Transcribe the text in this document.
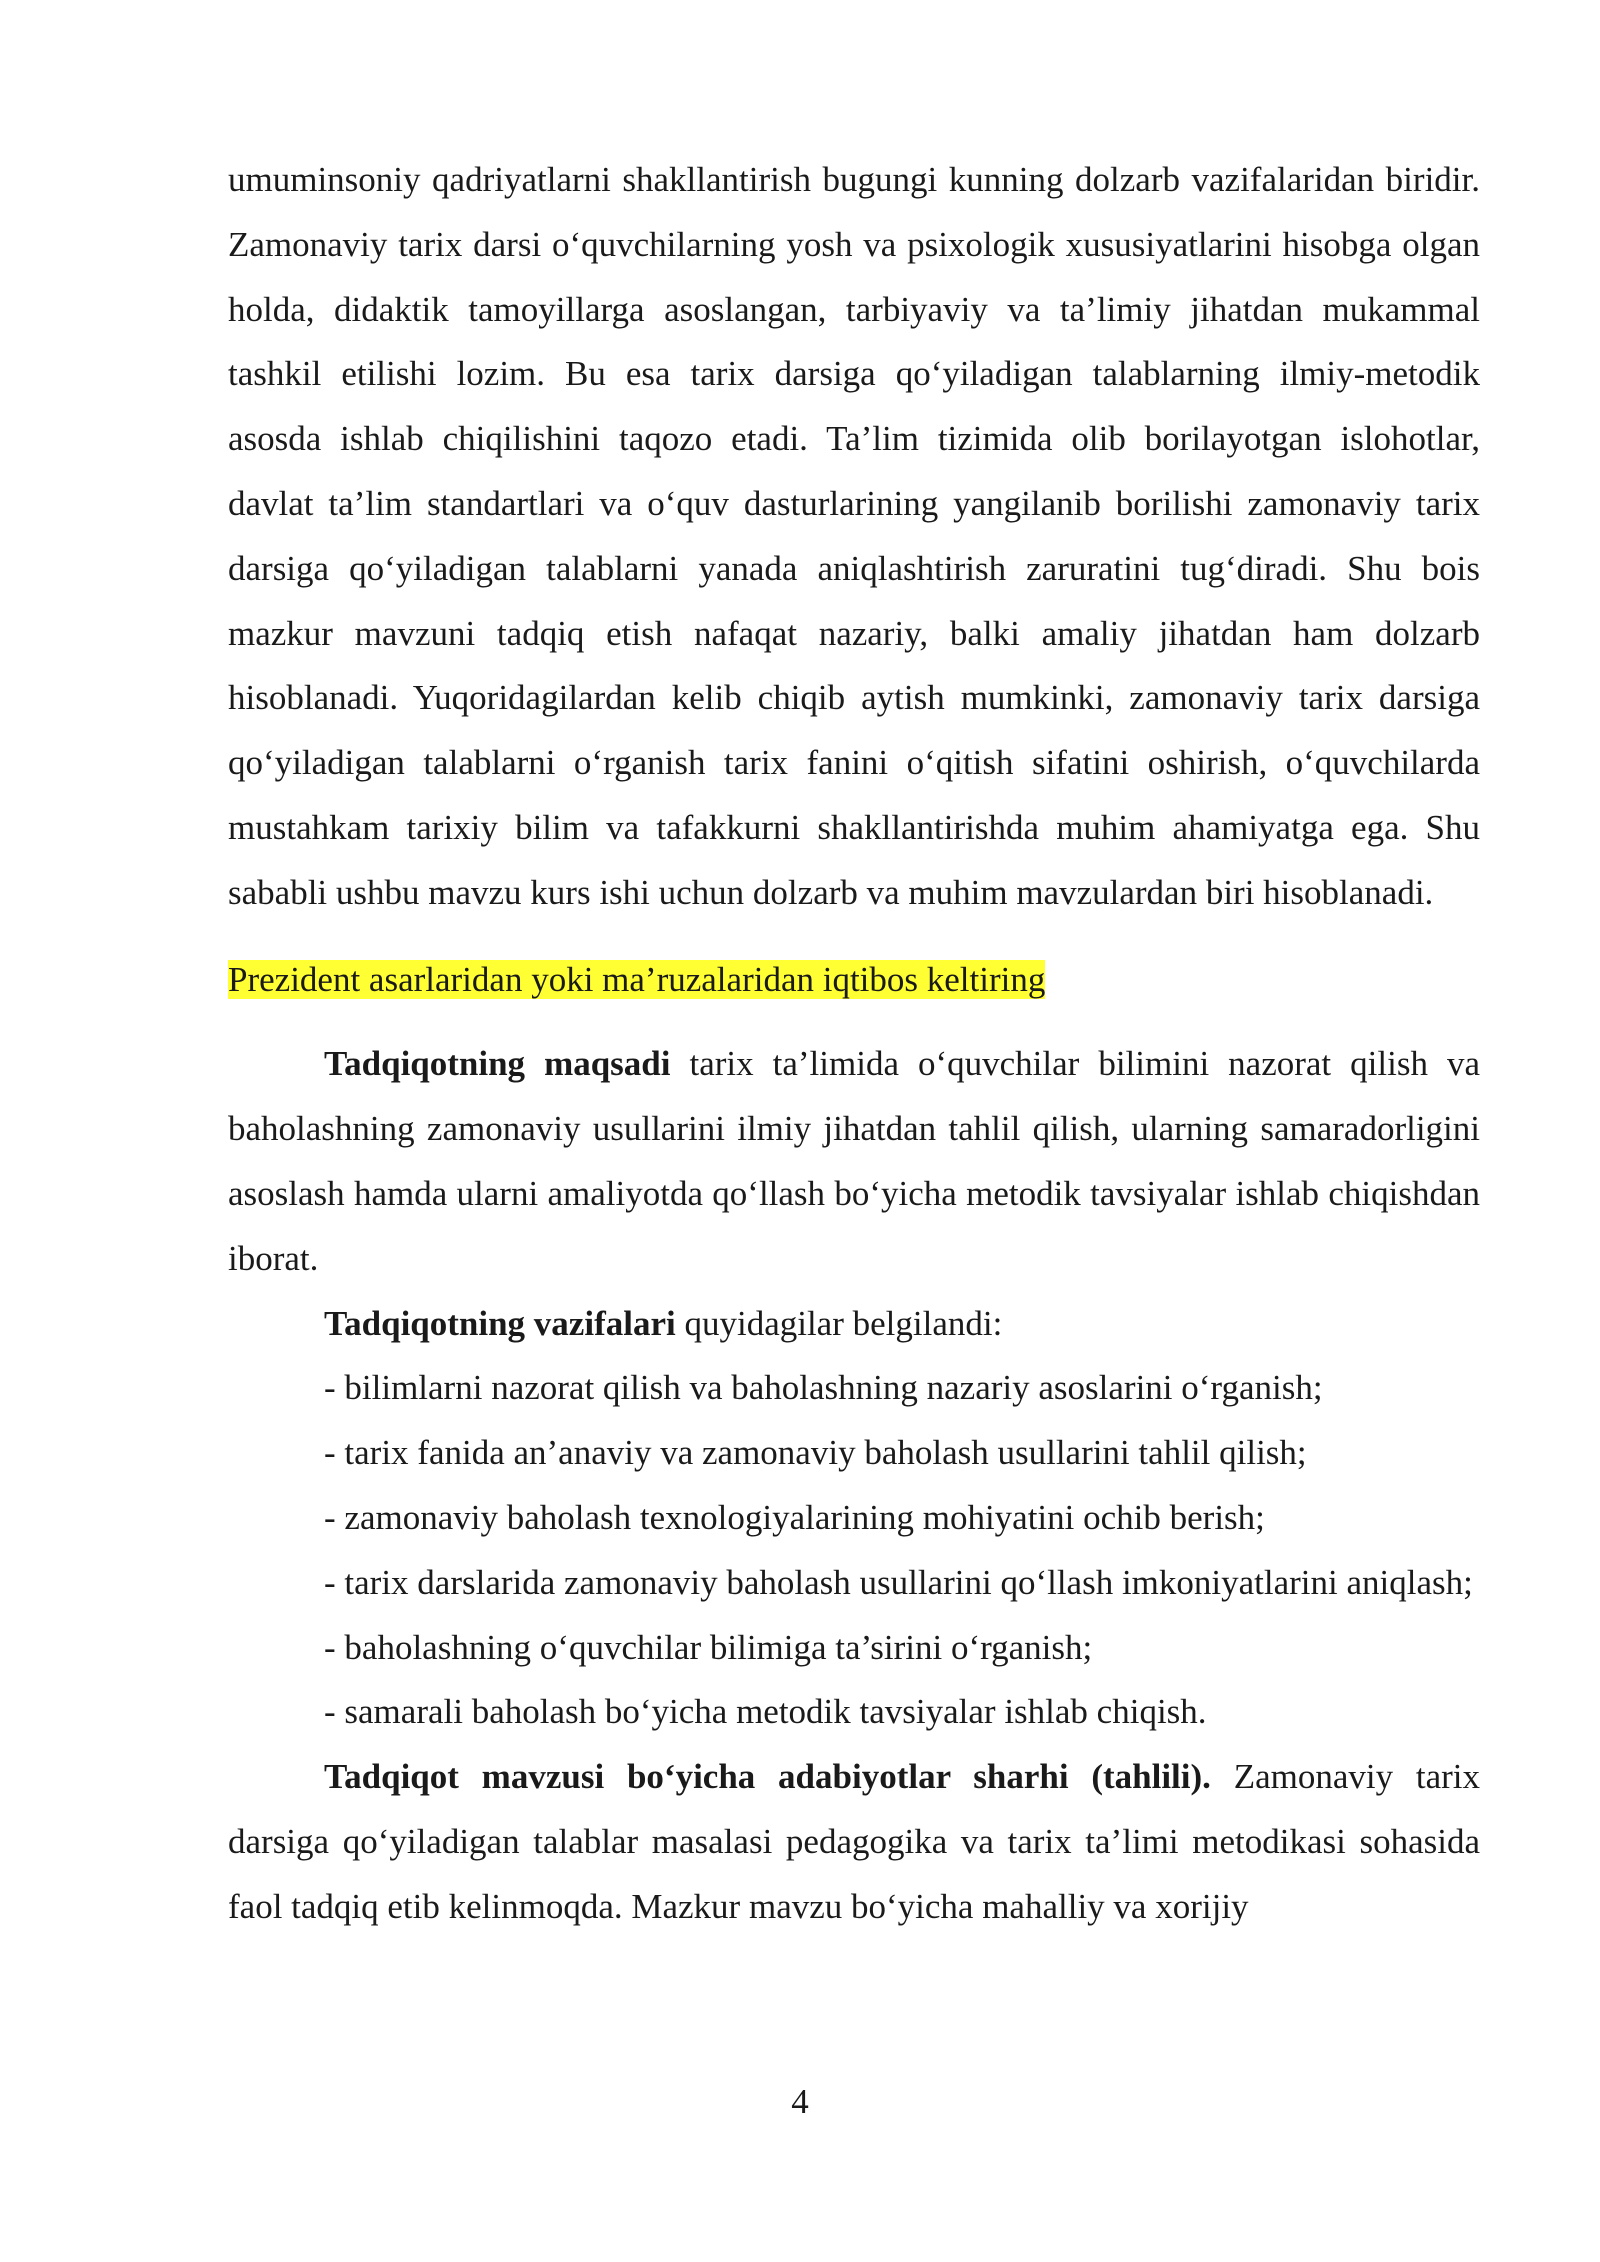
umuminsoniy qadriyatlarni shakllantirish bugungi kunning dolzarb vazifalaridan biridir. Zamonaviy tarix darsi o‘quvchilarning yosh va psixologik xususiyatlarini hisobga olgan holda, didaktik tamoyillarga asoslangan, tarbiyaviy va ta’limiy jihatdan mukammal tashkil etilishi lozim. Bu esa tarix darsiga qo‘yiladigan talablarning ilmiy-metodik asosda ishlab chiqilishini taqozo etadi. Ta’lim tizimida olib borilayotgan islohotlar, davlat ta’lim standartlari va o‘quv dasturlarining yangilanib borilishi zamonaviy tarix darsiga qo‘yiladigan talablarni yanada aniqlashtirish zaruratini tug‘diradi. Shu bois mazkur mavzuni tadqiq etish nafaqat nazariy, balki amaliy jihatdan ham dolzarb hisoblanadi. Yuqoridagilardan kelib chiqib aytish mumkinki, zamonaviy tarix darsiga qo‘yiladigan talablarni o‘rganish tarix fanini o‘qitish sifatini oshirish, o‘quvchilarda mustahkam tarixiy bilim va tafakkurni shakllantirishda muhim ahamiyatga ega. Shu sababli ushbu mavzu kurs ishi uchun dolzarb va muhim mavzulardan biri hisoblanadi.

Prezident asarlaridan yoki ma’ruzalaridan iqtibos keltiring

Tadqiqotning maqsadi tarix ta’limida o‘quvchilar bilimini nazorat qilish va baholashning zamonaviy usullarini ilmiy jihatdan tahlil qilish, ularning samaradorligini asoslash hamda ularni amaliyotda qo‘llash bo‘yicha metodik tavsiyalar ishlab chiqishdan iborat.

Tadqiqotning vazifalari quyidagilar belgilandi:

- bilimlarni nazorat qilish va baholashning nazariy asoslarini o‘rganish;
- tarix fanida an’anaviy va zamonaviy baholash usullarini tahlil qilish;
- zamonaviy baholash texnologiyalarining mohiyatini ochib berish;
- tarix darslarida zamonaviy baholash usullarini qo‘llash imkoniyatlarini aniqlash;
- baholashning o‘quvchilar bilimiga ta’sirini o‘rganish;
- samarali baholash bo‘yicha metodik tavsiyalar ishlab chiqish.

Tadqiqot mavzusi bo‘yicha adabiyotlar sharhi (tahlili). Zamonaviy tarix darsiga qo‘yiladigan talablar masalasi pedagogika va tarix ta’limi metodikasi sohasida faol tadqiq etib kelinmoqda. Mazkur mavzu bo‘yicha mahalliy va xorijiy

4
